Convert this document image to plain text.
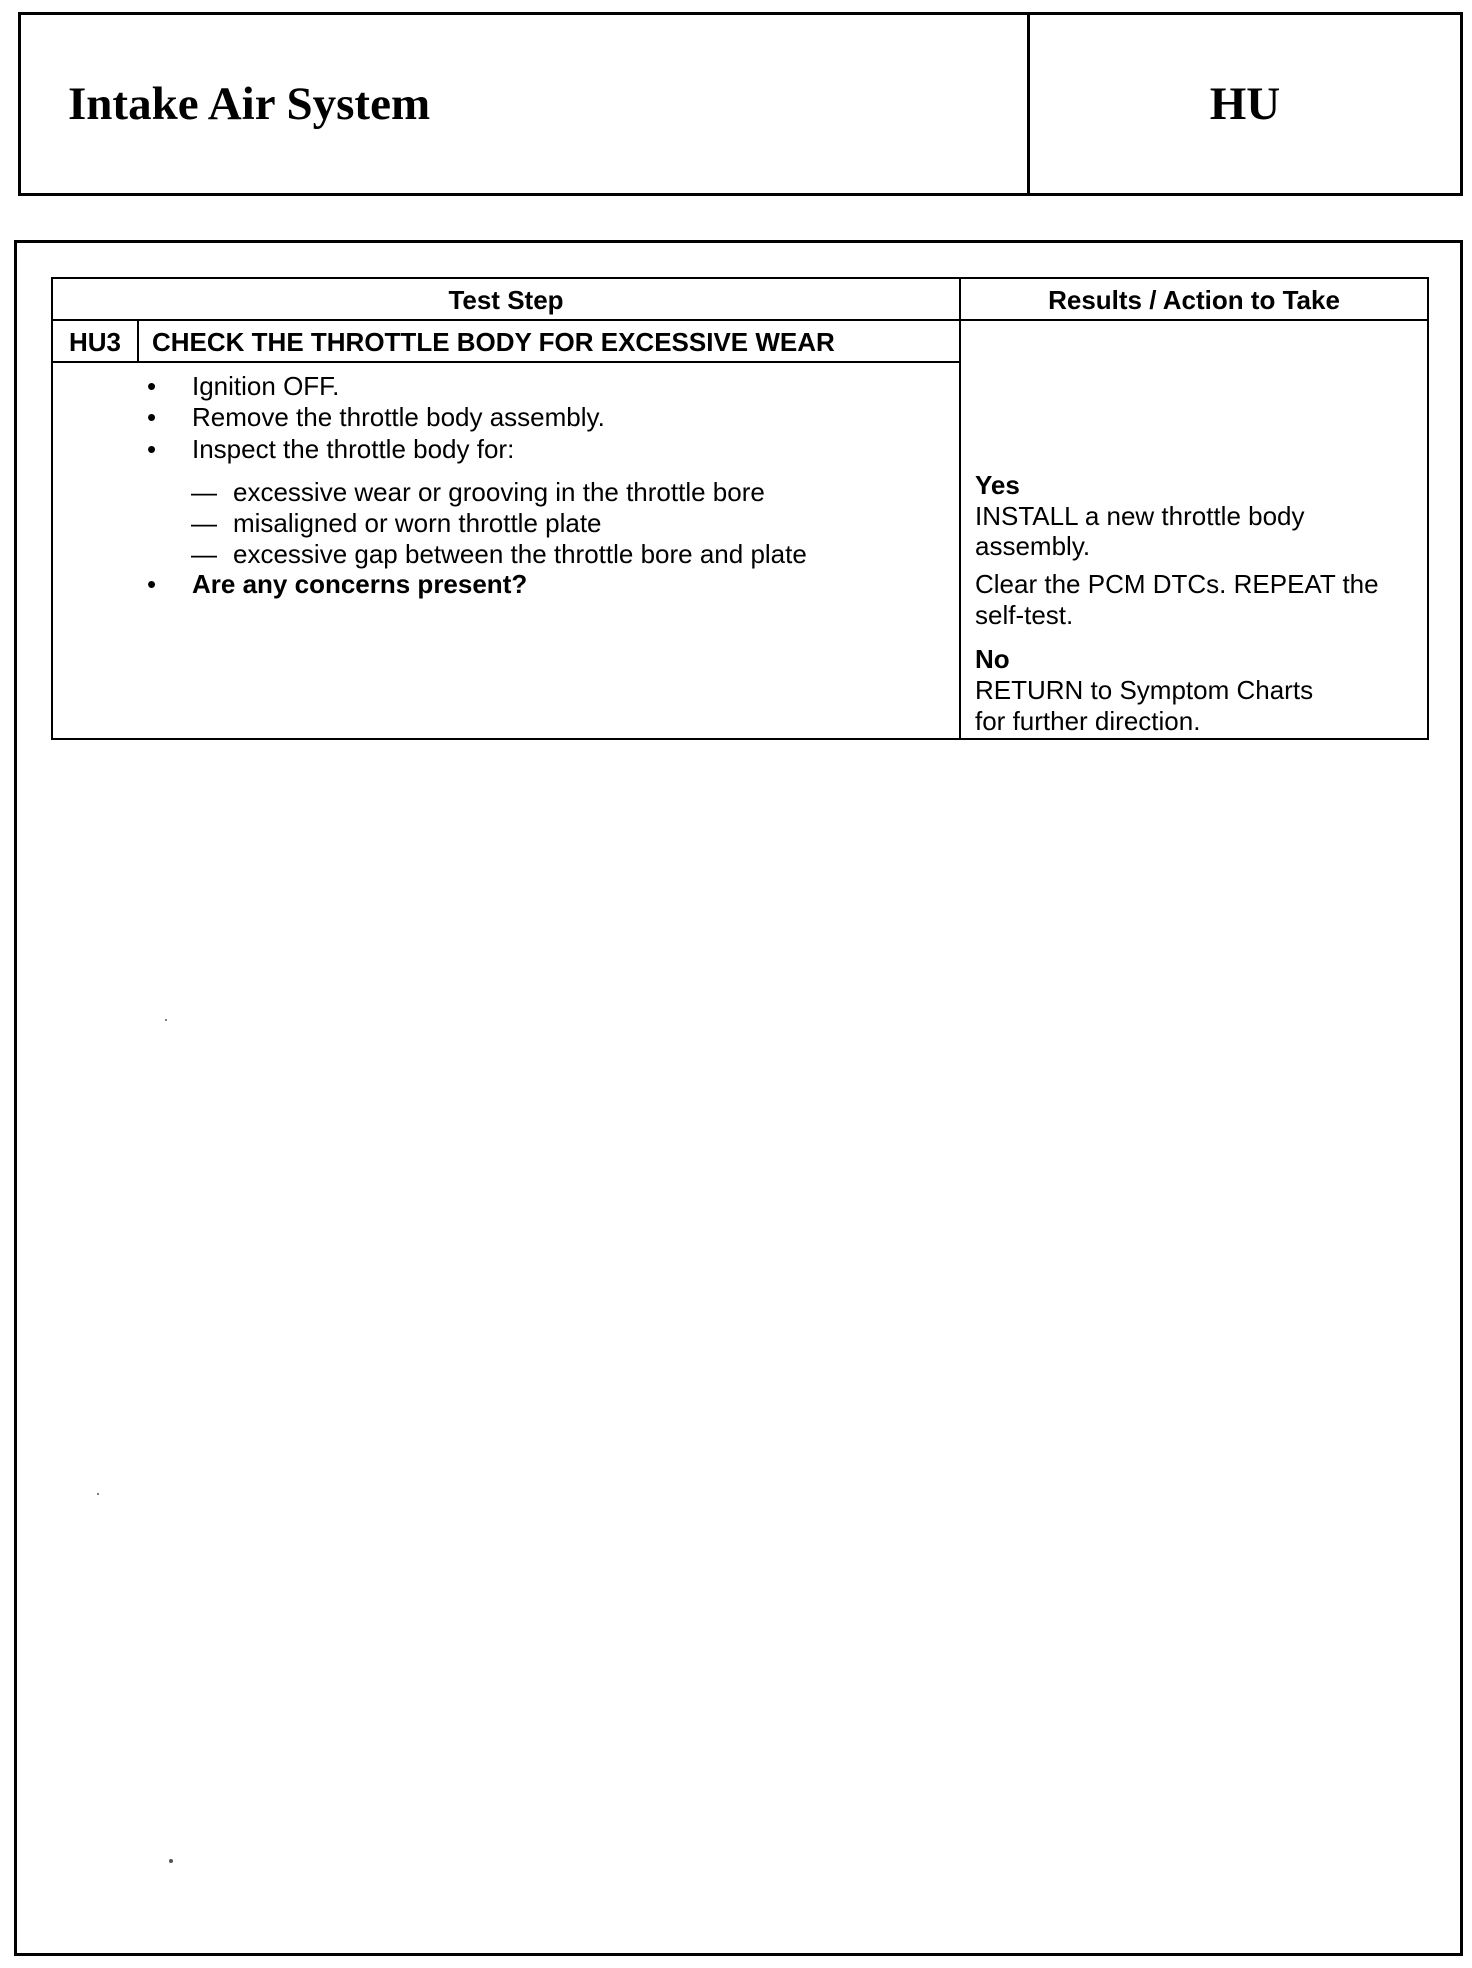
Intake Air System	HU
Test Step	Results / Action to Take
HU3	CHECK THE THROTTLE BODY FOR EXCESSIVE WEAR
• Ignition OFF.
• Remove the throttle body assembly.
• Inspect the throttle body for:
— excessive wear or grooving in the throttle bore
— misaligned or worn throttle plate
— excessive gap between the throttle bore and plate
• Are any concerns present?
Yes
INSTALL a new throttle body
assembly.
Clear the PCM DTCs. REPEAT the
self-test.
No
RETURN to Symptom Charts
for further direction.
